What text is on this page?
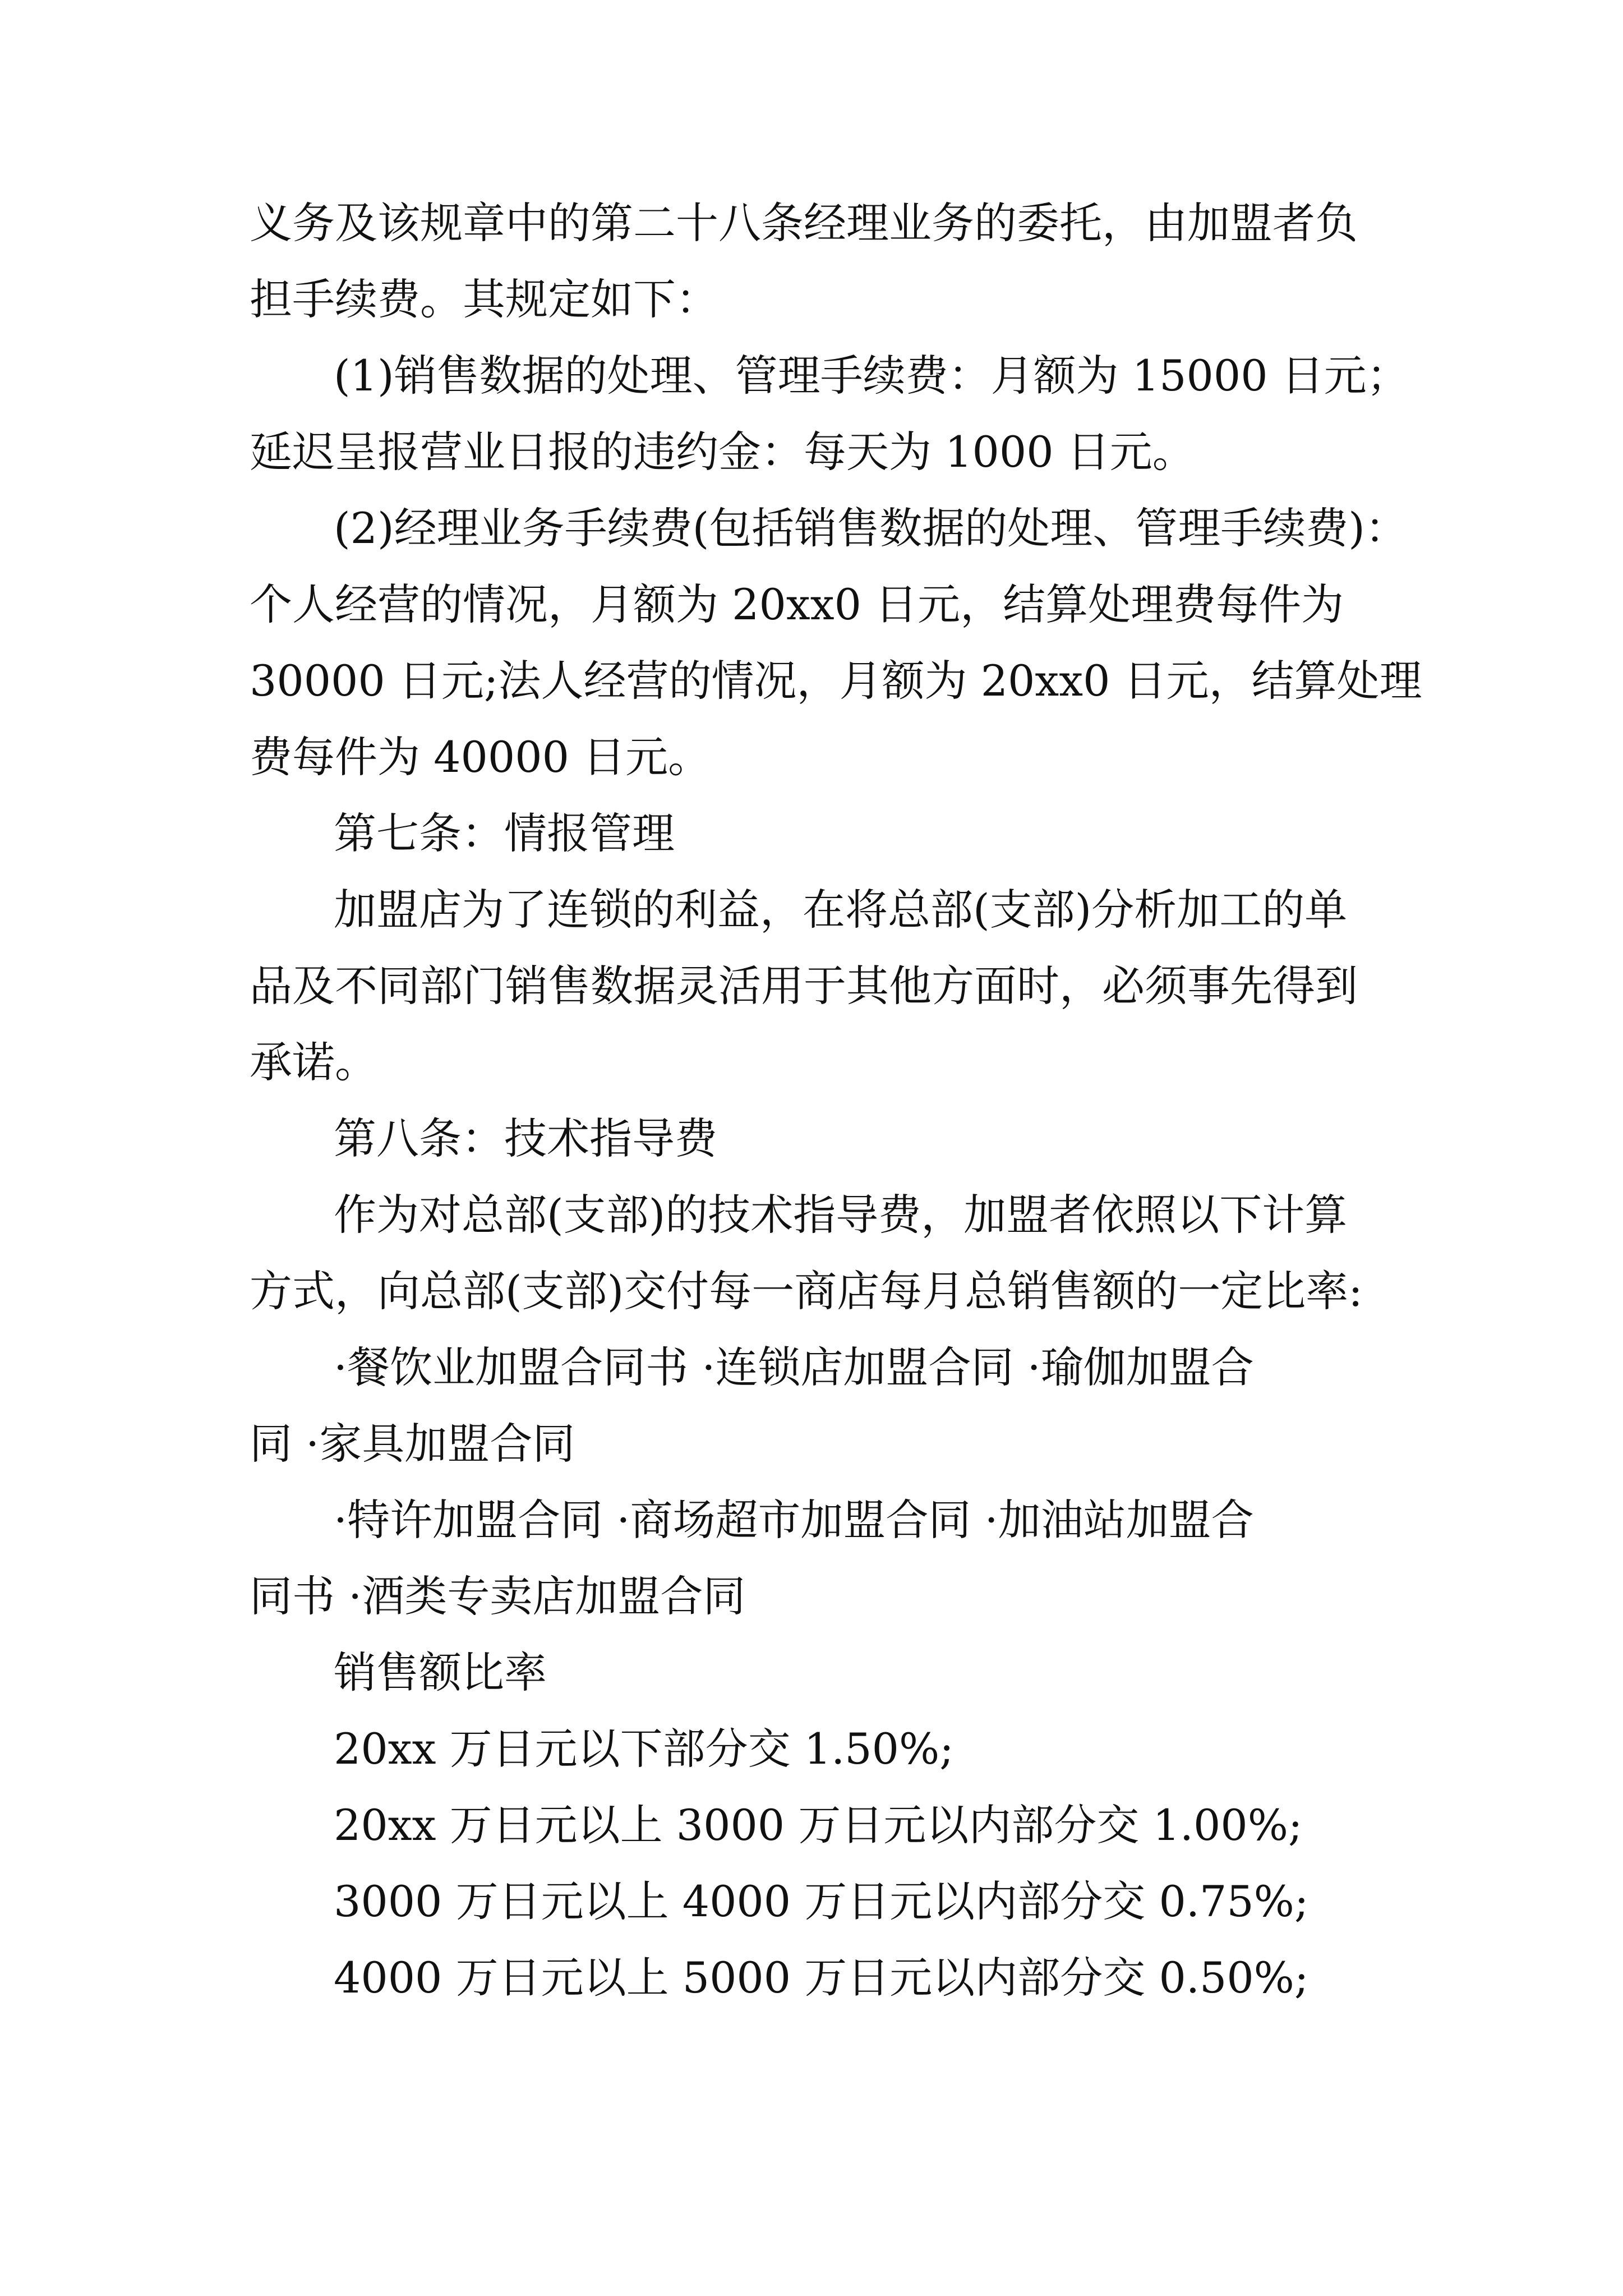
义务及该规章中的第二十八条经理业务的委托，由加盟者负

担手续费。其规定如下：

(1)销售数据的处理、管理手续费：月额为 15000 日元；

延迟呈报营业日报的违约金：每天为 1000 日元。

(2)经理业务手续费(包括销售数据的处理、管理手续费)：

个人经营的情况，月额为 20xx0 日元，结算处理费每件为

30000 日元;法人经营的情况，月额为 20xx0 日元，结算处理

费每件为 40000 日元。

第七条：情报管理

加盟店为了连锁的利益，在将总部(支部)分析加工的单

品及不同部门销售数据灵活用于其他方面时，必须事先得到

承诺。

第八条：技术指导费

作为对总部(支部)的技术指导费，加盟者依照以下计算

方式，向总部(支部)交付每一商店每月总销售额的一定比率:

·餐饮业加盟合同书 ·连锁店加盟合同 ·瑜伽加盟合

同 ·家具加盟合同

·特许加盟合同 ·商场超市加盟合同 ·加油站加盟合

同书 ·酒类专卖店加盟合同

销售额比率

20xx 万日元以下部分交 1.50%;

20xx 万日元以上 3000 万日元以内部分交 1.00%;

3000 万日元以上 4000 万日元以内部分交 0.75%;

4000 万日元以上 5000 万日元以内部分交 0.50%;
